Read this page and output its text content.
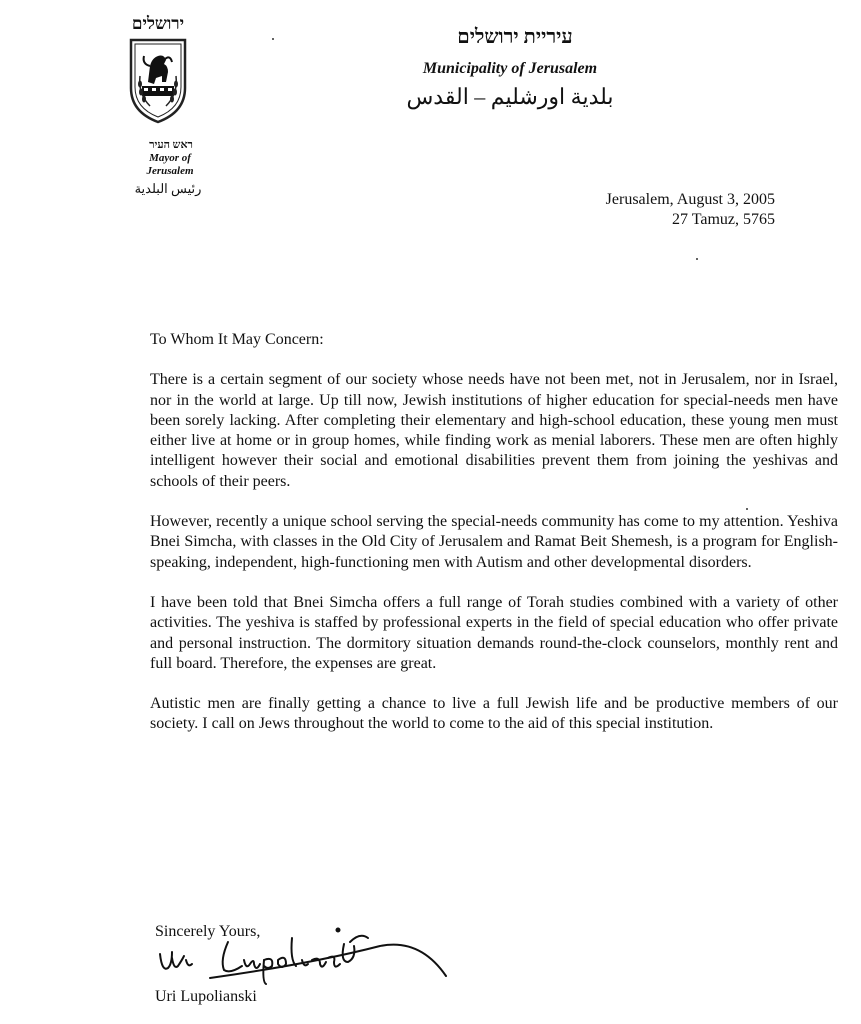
ירושלים
ראש העיר
Mayor of
Jerusalem
رئيس البلدية
עיריית ירושלים
Municipality of Jerusalem
بلدية اورشليم – القدس
Jerusalem, August 3, 2005
27 Tamuz, 5765

To Whom It May Concern:

There is a certain segment of our society whose needs have not been met, not in Jerusalem, nor in Israel, nor in the world at large. Up till now, Jewish institutions of higher education for special-needs men have been sorely lacking. After completing their elementary and high-school education, these young men must either live at home or in group homes, while finding work as menial laborers. These men are often highly intelligent however their social and emotional disabilities prevent them from joining the yeshivas and schools of their peers.

However, recently a unique school serving the special-needs community has come to my attention. Yeshiva Bnei Simcha, with classes in the Old City of Jerusalem and Ramat Beit Shemesh, is a program for English-speaking, independent, high-functioning men with Autism and other developmental disorders.

I have been told that Bnei Simcha offers a full range of Torah studies combined with a variety of other activities. The yeshiva is staffed by professional experts in the field of special education who offer private and personal instruction. The dormitory situation demands round-the-clock counselors, monthly rent and full board. Therefore, the expenses are great.

Autistic men are finally getting a chance to live a full Jewish life and be productive members of our society. I call on Jews throughout the world to come to the aid of this special institution.

Sincerely Yours,
Uri Lupolianski
